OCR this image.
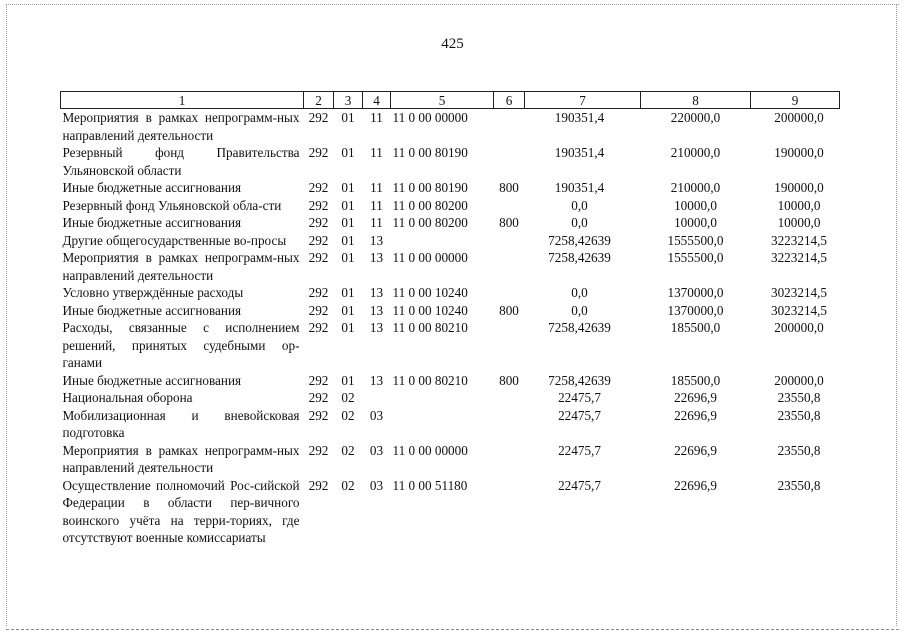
425
1	2	3	4	5	6	7	8	9
Мероприятия в рамках непрограмм-ных направлений деятельности	292	01	11	11 0 00 00000		190351,4	220000,0	200000,0
Резервный фонд Правительства Ульяновской области	292	01	11	11 0 00 80190		190351,4	210000,0	190000,0
Иные бюджетные ассигнования	292	01	11	11 0 00 80190	800	190351,4	210000,0	190000,0
Резервный фонд Ульяновской обла-сти	292	01	11	11 0 00 80200		0,0	10000,0	10000,0
Иные бюджетные ассигнования	292	01	11	11 0 00 80200	800	0,0	10000,0	10000,0
Другие общегосударственные во-просы	292	01	13			7258,42639	1555500,0	3223214,5
Мероприятия в рамках непрограмм-ных направлений деятельности	292	01	13	11 0 00 00000		7258,42639	1555500,0	3223214,5
Условно утверждённые расходы	292	01	13	11 0 00 10240		0,0	1370000,0	3023214,5
Иные бюджетные ассигнования	292	01	13	11 0 00 10240	800	0,0	1370000,0	3023214,5
Расходы, связанные с исполнением решений, принятых судебными ор-ганами	292	01	13	11 0 00 80210		7258,42639	185500,0	200000,0
Иные бюджетные ассигнования	292	01	13	11 0 00 80210	800	7258,42639	185500,0	200000,0
Национальная оборона	292	02				22475,7	22696,9	23550,8
Мобилизационная и вневойсковая подготовка	292	02	03			22475,7	22696,9	23550,8
Мероприятия в рамках непрограмм-ных направлений деятельности	292	02	03	11 0 00 00000		22475,7	22696,9	23550,8
Осуществление полномочий Рос-сийской Федерации в области пер-вичного воинского учёта на терри-ториях, где отсутствуют военные комиссариаты	292	02	03	11 0 00 51180		22475,7	22696,9	23550,8
